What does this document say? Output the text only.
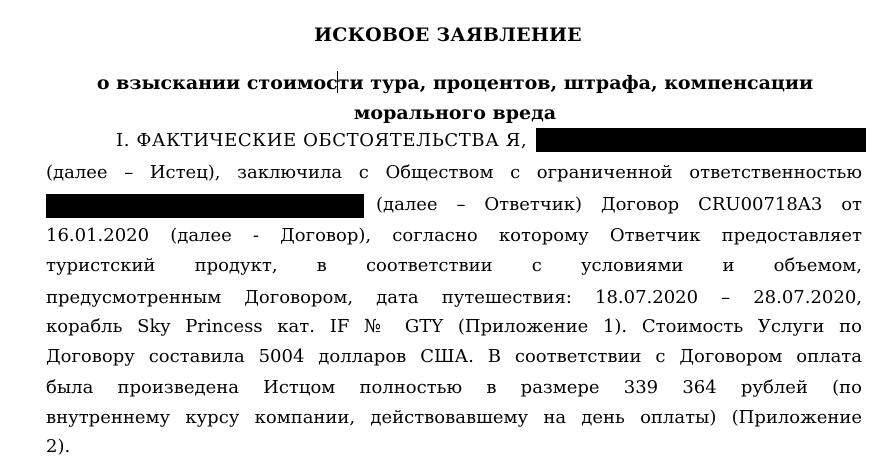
ИСКОВОЕ ЗАЯВЛЕНИЕ
о взыскании стоимости тура, процентов, штрафа, компенсации
морального вреда
I. ФАКТИЧЕСКИЕ ОБСТОЯТЕЛЬСТВА Я,
(далее – Истец), заключила с Обществом с ограниченной ответственностью
(далее – Ответчик) Договор CRU00718A3 от
16.01.2020 (далее - Договор), согласно которому Ответчик предоставляет
туристский продукт, в соответствии с условиями и объемом,
предусмотренным Договором, дата путешествия: 18.07.2020 – 28.07.2020,
корабль Sky Princess кат. IF № GTY (Приложение 1). Стоимость Услуги по
Договору составила 5004 долларов США. В соответствии с Договором оплата
была произведена Истцом полностью в размере 339 364 рублей (по
внутреннему курсу компании, действовавшему на день оплаты) (Приложение
2).
